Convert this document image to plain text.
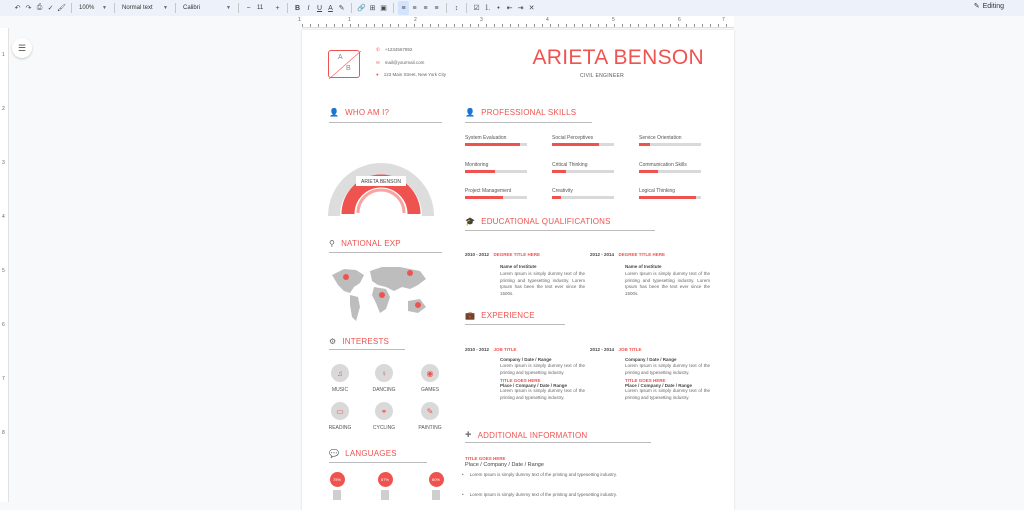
↶ ↷ ⎙ ✓ 🖌 100% ▼	Normal text ▼	Calibri	▼	−	11	+	B	I	U A ✎	🔗 ⊞ ▣	≡ ≡ ≡ ≡	↕	☑ ⒈ • ⇤ ⇥ ✕	✎ Editing
1	1	2	3	4	5	6	7
1
2
3
4
5
6
7
8
☰
A
B
✆ +1234567892
✉ mail@yourmail.com
● 123 Main Street, New York City
ARIETA BENSON
CIVIL ENGINEER
👤 WHO AM I?
ARIETA BENSON
⚲ NATIONAL EXP
⚙ INTERESTS
♫
MUSIC
♀
DANCING
◉
GAMES
▭
READING
⚭
CYCLING
✎
PAINTING
💬 LANGUAGES
75%	67%	60%
👤 PROFESSIONAL SKILLS
🎓 EDUCATIONAL QUALIFICATIONS
2010 - 2012 DEGREE TITLE HERE
Name of Institute
Lorem Ipsum is simply dummy text of the printing and typesetting industry. Lorem Ipsum has been the text ever since the 1500s.
2012 - 2014 DEGREE TITLE HERE
Name of Institute
Lorem Ipsum is simply dummy text of the printing and typesetting industry. Lorem Ipsum has been the text ever since the 1500s.
💼 EXPERIENCE
2010 - 2012 JOB TITLE
Company / Date / Range
Lorem Ipsum is simply dummy text of the printing and typesetting industry.
TITLE GOES HERE
Place / Company / Date / Range
Lorem Ipsum is simply dummy text of the printing and typesetting industry.
2012 - 2014 JOB TITLE
Company / Date / Range
Lorem Ipsum is simply dummy text of the printing and typesetting industry.
TITLE GOES HERE
Place / Company / Date / Range
Lorem Ipsum is simply dummy text of the printing and typesetting industry.
+ ADDITIONAL INFORMATION
TITLE GOES HERE
Place / Company / Date / Range
• Lorem Ipsum is simply dummy text of the printing and typesetting industry.
• Lorem Ipsum is simply dummy text of the printing and typesetting industry.
System Evaluation	Social Perceptives	Service Orientation
Monitoring	Critical Thinking	Communication Skills
Project Management	Creativity	Logical Thinking
